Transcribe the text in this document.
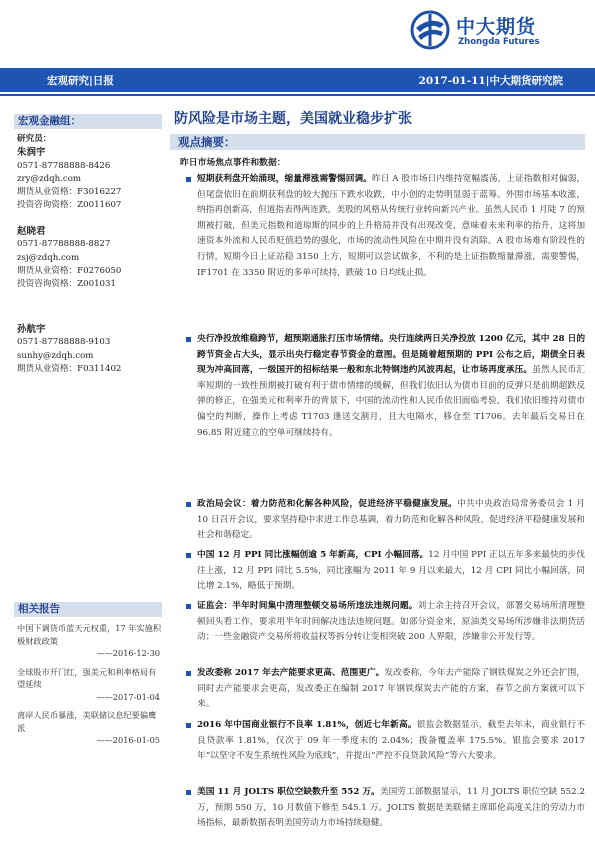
中大期货
Zhongda Futures
宏观研究|日报	2017-01-11|中大期货研究院
宏观金融组：
研究员：
朱润宇
0571-87788888-8426
zry@zdqh.com
期货从业资格：F3016227
投资咨询资格：Z0011607
赵晓君
0571-87788888-8827
zsj@zdqh.com
期货从业资格：F0276050
投资咨询资格：Z001031
孙航宇
0571-87788888-9103
sunhy@zdqh.com
期货从业资格：F0311402
相关报告
中国下调货币蓝天元权重，17 年实施积极财政政策
——2016-12-30
全球股市开门红，强美元和利率格局有望延续
——2017-01-04
离岸人民币暴涨，美联储议息纪要偏鹰派
——2016-01-05
防风险是市场主题，美国就业稳步扩张
观点摘要：
昨日市场焦点事件和数据：
短期获利盘开始涌现，缩量滞涨需警惕回调。昨日 A 股市场日内维持宽幅震荡，上证指数相对偏弱，但尾盘依旧在前期获利盘的较大抛压下跌水收跌，中小创的走势明显弱于蓝筹。外围市场基本收涨，纳指再创新高，但道指表得两连跌，美股的风格从传统行业转向新兴产业。虽然人民币 1 月陡 7 的预期被打破，但美元指数和道琼斯的同步的上升格局并没有出现改变，意味着未来利率的抬升，这将加速资本外流和人民币贬值趋势的强化，市场的流动性风险在中期并没有消除。A 股市场难有阶段性的行情，短期今日上证站稳 3150 上方，短期可以尝试做多，不利的是上证指数缩量滞涨，需要警惕，IF1701 在 3350 附近的多单可续持，跌破 10 日均线止损。
央行净投放维稳跨节，超预期通胀打压市场情绪。央行连续两日关净投放 1200 亿元，其中 28 日的跨节资金占大头，显示出央行稳定春节资金的意图。但是随着超预期的 PPI 公布之后，期债全日表现为冲高回落，一级国开的招标结果一般和东北特钢违约风波再起，让市场再度承压。虽然人民币汇率短期的一致性预期被打破有利于债市情绪的缓解，但我们依旧认为债市目前的反弹只是前期超跌反弹的修正，在强美元和利率升的背景下，中国的流动性和人民币依旧面临考验，我们依旧维持对债市偏空的判断，操作上考虑 T1703 逢送交割月，且大电隔水，移仓至 T1706。去年最后交易日在 96.85 附近建立的空单可继续持有。
政治局会议：着力防范和化解各种风险，促进经济平稳健康发展。中共中央政治局常务委员会 1 月 10 日召开会议，要求坚持稳中求进工作总基调，着力防范和化解各种风险，促进经济平稳健康发展和社会和谐稳定。
中国 12 月 PPI 同比涨幅创逾 5 年新高，CPI 小幅回落。12 月中国 PPI 正以五年多来最快的步伐往上涨，12 月 PPI 同比 5.5%，同比涨幅为 2011 年 9 月以来最大，12 月 CPI 同比小幅回落，同比增 2.1%，略低于预期。
证监会：半年时间集中清理整顿交易场所违法违规问题。刘士余主持召开会议，部署交易场所清理整顿回头看工作，要求用半年时间解决违法违规问题。如部分资金来，原油类交易场所涉嫌非法期货活动；一些金融资产交易所将收益权等拆分转让变相突破 200 人界限，涉嫌非公开发行等。
发改委称 2017 年去产能要求更高、范围更广。发改委称，今年去产能除了钢铁煤炭之外还会扩围，同时去产能要求会更高，发改委正在编制 2017 年钢铁煤炭去产能的方案，春节之前方案就可以下来。
2016 年中国商业银行不良率 1.81%，创近七年新高。银监会数据显示，截至去年末，商业银行不良贷款率 1.81%，仅次于 09 年一季度末的 2.04%；拨备覆盖率 175.5%。银监会要求 2017 年“以坚守不发生系统性风险为底线”，并提出“严控不良贷款风险”等六大要求。
美国 11 月 JOLTS 职位空缺数升至 552 万。美国劳工部数据显示，11 月 JOLTS 职位空缺 552.2 万，预期 550 万，10 月数值下修至 545.1 万。JOLTS 数据是美联储主席耶伦高度关注的劳动力市场指标，最新数据表明美国劳动力市场持续稳健。
